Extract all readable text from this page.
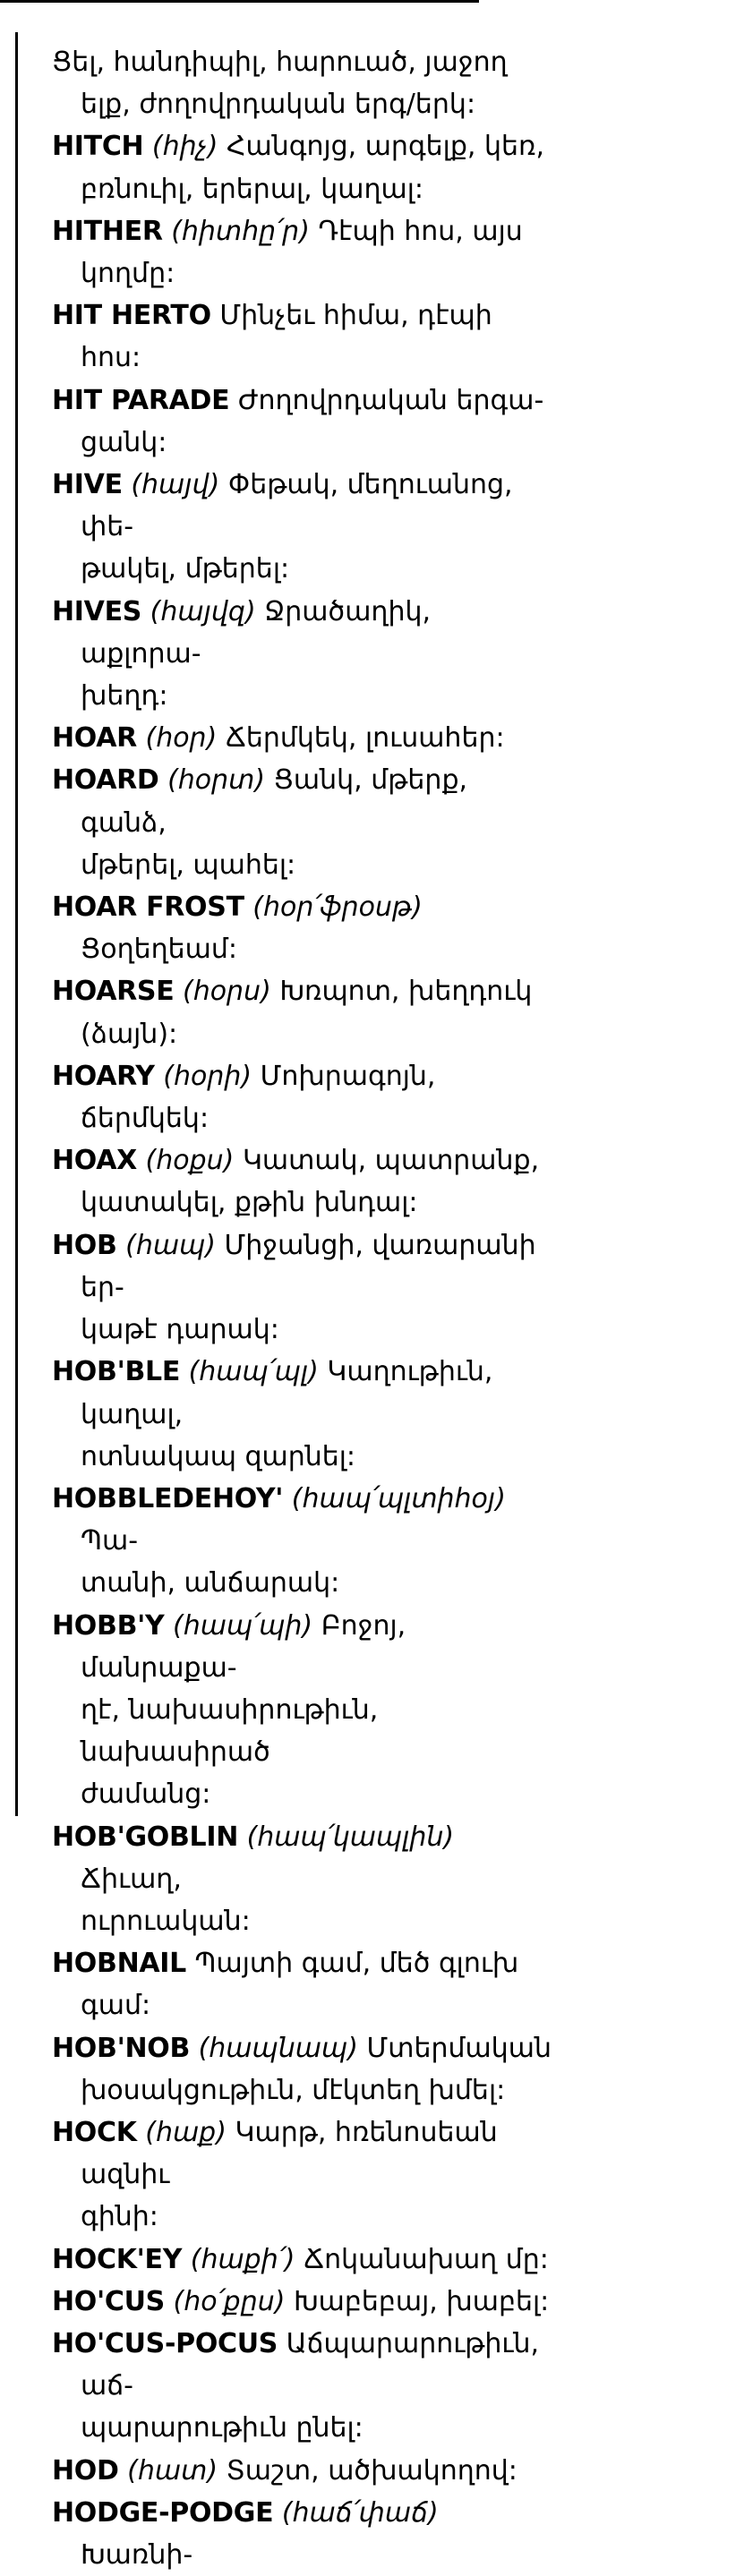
Ցել, հանդիպիլ, հարուած, յաջող
ելք, ժողովրդական երգ/երկ:
HITCH (հիչ) Հանգոյց, արգելք, կեռ,
բռնուիլ, երերալ, կաղալ:
HITHER (հիտհը՛ր) Դէպի հոս, այս
կողմը:
HIT HERTO Մինչեւ հիմա, դէպի հոս:
HIT PARADE Ժողովրդական երգա-
ցանկ:
HIVE (հայվ) Փեթակ, մեղուանոց, փե-
թակել, մթերել:
HIVES (հայվզ) Ջրածաղիկ, աքլորա-
խեղդ:
HOAR (հօր) Ճերմկեկ, լուսահեր:
HOARD (հօրտ) Ցանկ, մթերք, գանձ,
մթերել, պահել:
HOAR FROST (հօր՛ֆրօսթ) Ցօղեղեամ:
HOARSE (հօրս) Խռպոտ, խեղդուկ
(ձայն):
HOARY (հօրի) Մոխրագոյն, ճերմկեկ:
HOAX (հօքս) Կատակ, պատրանք,
կատակել, քթին խնդալ:
HOB (հապ) Միջանցի, վառարանի եր-
կաթէ դարակ:
HOB'BLE (հապ՛պլ) Կաղութիւն, կաղալ,
ոտնակապ զարնել:
HOBBLEDEHOY' (հապ՛պլտիհօյ) Պա-
տանի, անճարակ:
HOBB'Y (հապ՛պի) Բոջոյ, մանրաքա-
ղէ, նախասիրութիւն, նախասիրած
ժամանց:
HOB'GOBLIN (հապ՛կապլին) Ճիւաղ,
ուրուական:
HOBNAIL Պայտի գամ, մեծ գլուխ
գամ:
HOB'NOB (հապնապ) Մտերմական
խօսակցութիւն, մէկտեղ խմել:
HOCK (հաք) Կարթ, հռենոսեան ազնիւ
գինի:
HOCK'EY (հաքի՛) Ճոկանախաղ մը:
HO'CUS (հօ՛քըս) Խաբեբայ, խաբել:
HO'CUS-POCUS Աճպարարութիւն, աճ-
պարարութիւն ընել:
HOD (հատ) Տաշտ, ածխակողով:
HODGE-PODGE (հաճ՛փաճ) Խառնի-
